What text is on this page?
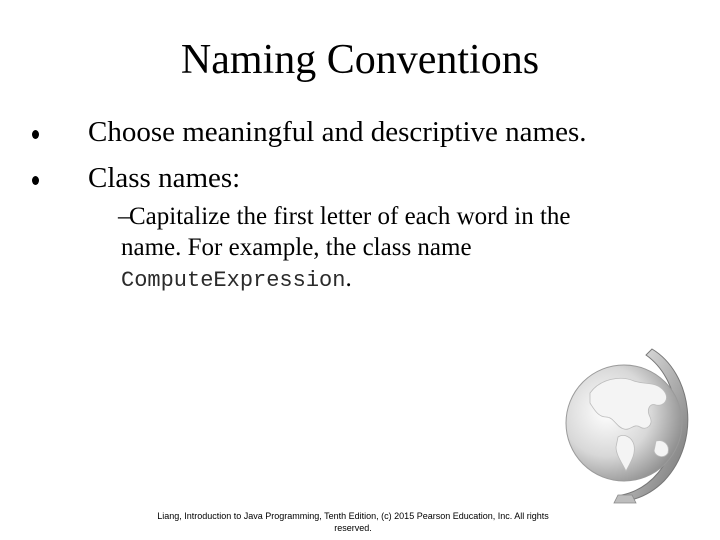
Naming Conventions
Choose meaningful and descriptive names.
Class names:
–
Capitalize the first letter of each word in the
name. For example, the class name
ComputeExpression.
Liang, Introduction to Java Programming, Tenth Edition, (c) 2015 Pearson Education, Inc. All rights reserved.
